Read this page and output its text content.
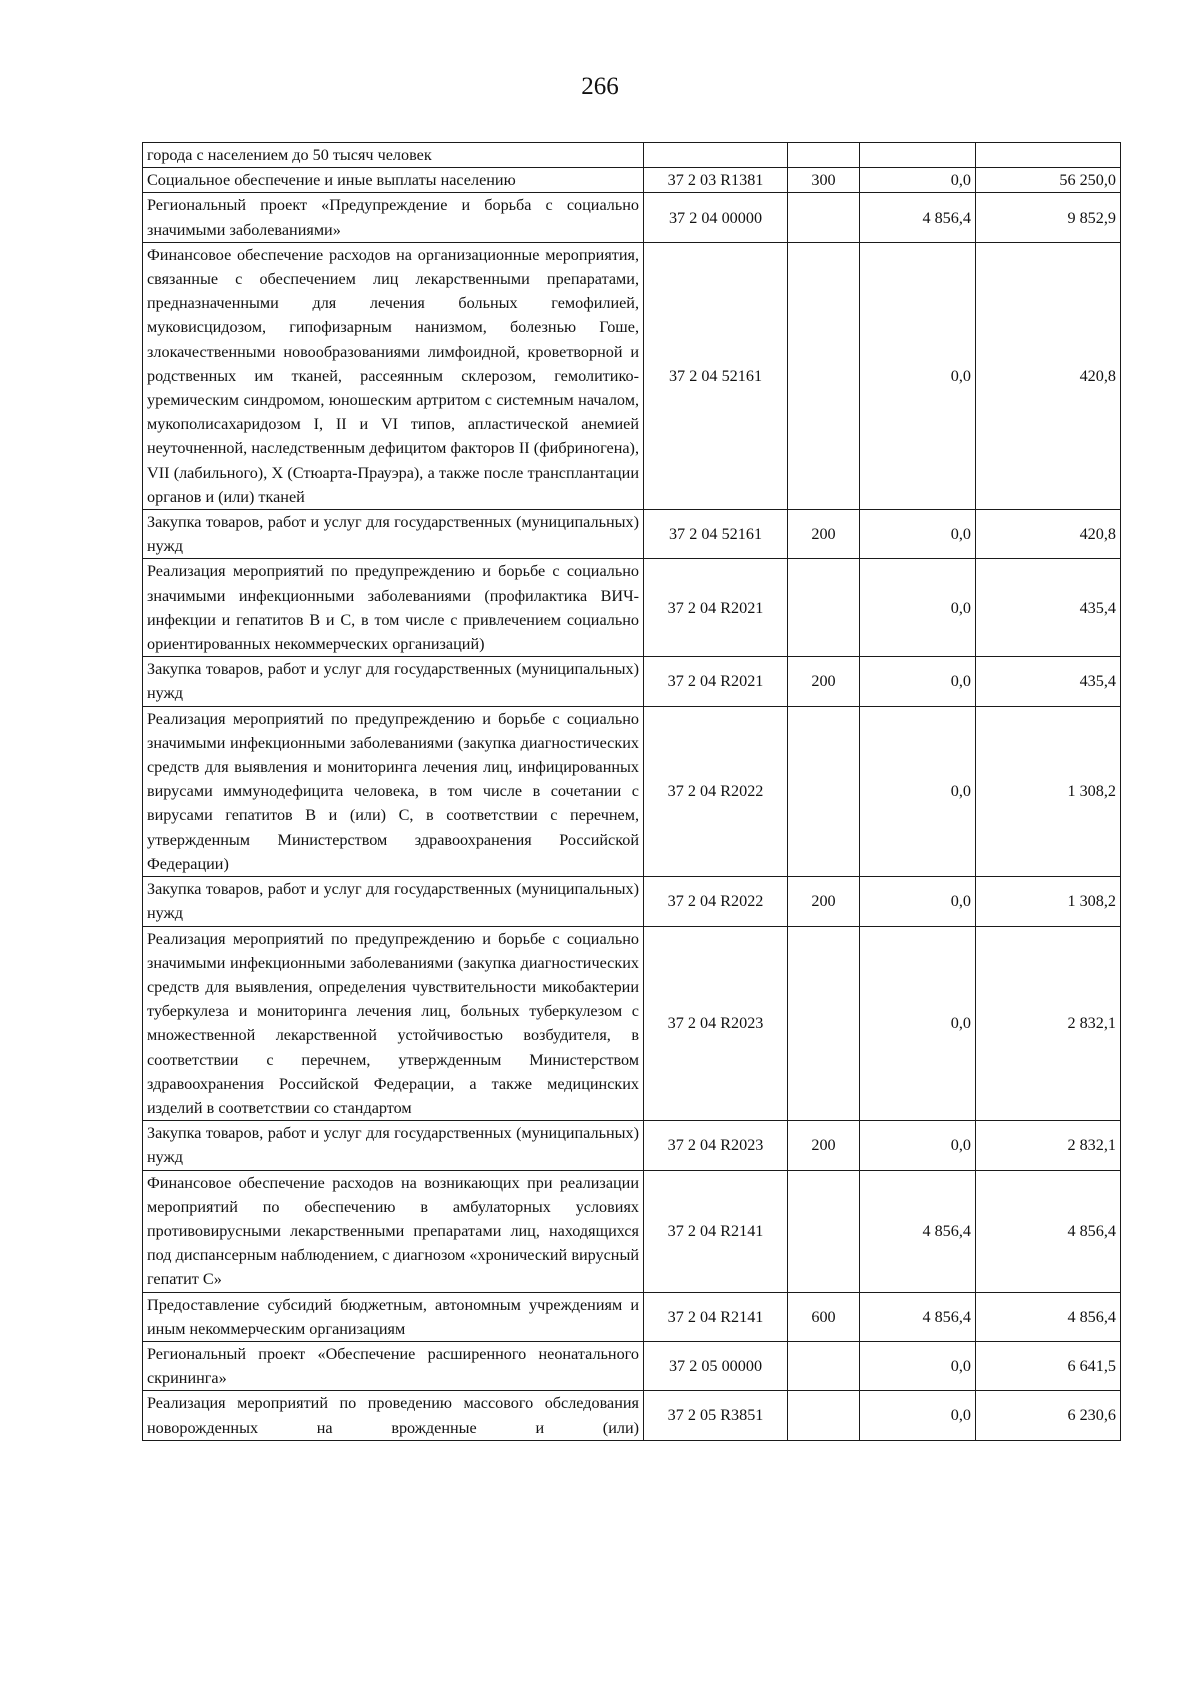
266
города с населением до 50 тысяч человек				
Социальное обеспечение и иные выплаты населению	37 2 03 R1381	300	0,0	56 250,0
Региональный проект «Предупреждение и борьба с социально значимыми заболеваниями»	37 2 04 00000		4 856,4	9 852,9
Финансовое обеспечение расходов на организационные мероприятия, связанные с обеспечением лиц лекарственными препаратами, предназначенными для лечения больных гемофилией, муковисцидозом, гипофизарным нанизмом, болезнью Гоше, злокачественными новообразованиями лимфоидной, кроветворной и родственных им тканей, рассеянным склерозом, гемолитико-уремическим синдромом, юношеским артритом с системным началом, мукополисахаридозом I, II и VI типов, апластической анемией неуточненной, наследственным дефицитом факторов II (фибриногена), VII (лабильного), X (Стюарта-Прауэра), а также после трансплантации органов и (или) тканей	37 2 04 52161		0,0	420,8
Закупка товаров, работ и услуг для государственных (муниципальных) нужд	37 2 04 52161	200	0,0	420,8
Реализация мероприятий по предупреждению и борьбе с социально значимыми инфекционными заболеваниями (профилактика ВИЧ-инфекции и гепатитов B и C, в том числе с привлечением социально ориентированных некоммерческих организаций)	37 2 04 R2021		0,0	435,4
Закупка товаров, работ и услуг для государственных (муниципальных) нужд	37 2 04 R2021	200	0,0	435,4
Реализация мероприятий по предупреждению и борьбе с социально значимыми инфекционными заболеваниями (закупка диагностических средств для выявления и мониторинга лечения лиц, инфицированных вирусами иммунодефицита человека, в том числе в сочетании с вирусами гепатитов B и (или) C, в соответствии с перечнем, утвержденным Министерством здравоохранения Российской Федерации)	37 2 04 R2022		0,0	1 308,2
Закупка товаров, работ и услуг для государственных (муниципальных) нужд	37 2 04 R2022	200	0,0	1 308,2
Реализация мероприятий по предупреждению и борьбе с социально значимыми инфекционными заболеваниями (закупка диагностических средств для выявления, определения чувствительности микобактерии туберкулеза и мониторинга лечения лиц, больных туберкулезом с множественной лекарственной устойчивостью возбудителя, в соответствии с перечнем, утвержденным Министерством здравоохранения Российской Федерации, а также медицинских изделий в соответствии со стандартом	37 2 04 R2023		0,0	2 832,1
Закупка товаров, работ и услуг для государственных (муниципальных) нужд	37 2 04 R2023	200	0,0	2 832,1
Финансовое обеспечение расходов на возникающих при реализации мероприятий по обеспечению в амбулаторных условиях противовирусными лекарственными препаратами лиц, находящихся под диспансерным наблюдением, с диагнозом «хронический вирусный гепатит С»	37 2 04 R2141		4 856,4	4 856,4
Предоставление субсидий бюджетным, автономным учреждениям и иным некоммерческим организациям	37 2 04 R2141	600	4 856,4	4 856,4
Региональный проект «Обеспечение расширенного неонатального скрининга»	37 2 05 00000		0,0	6 641,5
Реализация мероприятий по проведению массового обследования новорожденных на врожденные и (или)	37 2 05 R3851		0,0	6 230,6
